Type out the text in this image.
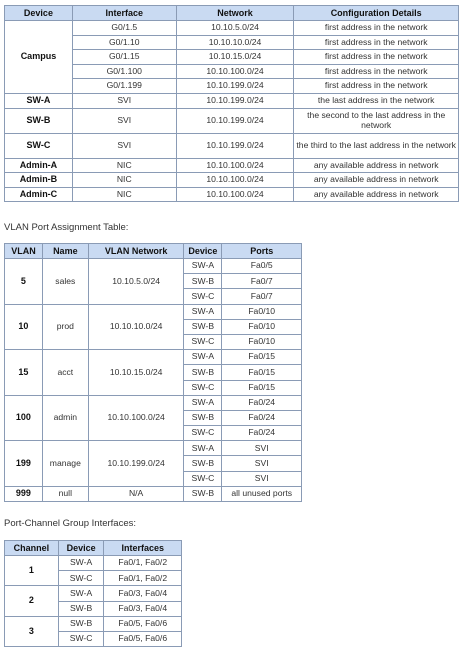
Device	Interface	Network	Configuration Details
Campus	G0/1.5	10.10.5.0/24	first address in the network
	G0/1.10	10.10.10.0/24	first address in the network
	G0/1.15	10.10.15.0/24	first address in the network
	G0/1.100	10.10.100.0/24	first address in the network
	G0/1.199	10.10.199.0/24	first address in the network
SW-A	SVI	10.10.199.0/24	the last address in the network
SW-B	SVI	10.10.199.0/24	the second to the last address in the network
SW-C	SVI	10.10.199.0/24	the third to the last address in the network
Admin-A	NIC	10.10.100.0/24	any available address in network
Admin-B	NIC	10.10.100.0/24	any available address in network
Admin-C	NIC	10.10.100.0/24	any available address in network
VLAN Port Assignment Table:
VLAN	Name	VLAN Network	Device	Ports
5	sales	10.10.5.0/24	SW-A	Fa0/5
			SW-B	Fa0/7
			SW-C	Fa0/7
10	prod	10.10.10.0/24	SW-A	Fa0/10
			SW-B	Fa0/10
			SW-C	Fa0/10
15	acct	10.10.15.0/24	SW-A	Fa0/15
			SW-B	Fa0/15
			SW-C	Fa0/15
100	admin	10.10.100.0/24	SW-A	Fa0/24
			SW-B	Fa0/24
			SW-C	Fa0/24
199	manage	10.10.199.0/24	SW-A	SVI
			SW-B	SVI
			SW-C	SVI
999	null	N/A	SW-B	all unused ports
Port-Channel Group Interfaces:
Channel	Device	Interfaces
1	SW-A	Fa0/1, Fa0/2
	SW-C	Fa0/1, Fa0/2
2	SW-A	Fa0/3, Fa0/4
	SW-B	Fa0/3, Fa0/4
3	SW-B	Fa0/5, Fa0/6
	SW-C	Fa0/5, Fa0/6
